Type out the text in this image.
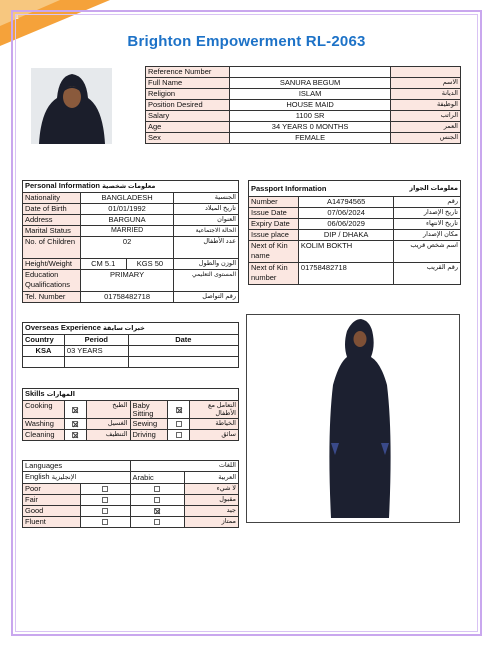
1
Brighton Empowerment RL-2063
Reference Number		
Full Name	SANURA BEGUM	الاسم
Religion	ISLAM	الديانة
Position Desired	HOUSE MAID	الوظيفة
Salary	1100 SR	الراتب
Age	34 YEARS 0 MONTHS	العمر
Sex	FEMALE	الجنس
Personal Information معلومات شخصية			
Nationality	BANGLADESH		الجنسية
Date of Birth	01/01/1992		تاريخ الميلاد
Address	BARGUNA		العنوان
Marital Status	MARRIED		الحالة الاجتماعية
No. of Children	02		عدد الأطفال
Height/Weight	CM 5.1	KGS 50	الوزن والطول
Education Qualifications	PRIMARY		المستوى التعليمي
Tel. Number	01758482718		رقم التواصل
Passport Information معلومات الجواز		

Number	A14794565	رقم
Issue Date	07/06/2024	تاريخ الإصدار
Expiry Date	06/06/2029	تاريخ الانتهاء
Issue place	DIP / DHAKA	مكان الإصدار
Next of Kin name	KOLIM BOKTH	اسم شخص قريب
Next of Kin number	01758482718	رقم القريب
Overseas Experience خبرات سابقة		
Country	Period	Date
KSA	03 YEARS	

Skills المهارات					
Cooking		الطبخ	Baby Sitting		التعامل مع الأطفال
Washing		الغسيل	Sewing		الخياطة
Cleaning		التنظيف	Driving		سائق
Languages		اللغات	
English الإنجليزية		Arabic	العربية
Poor			لا شيء
Fair			مقبول
Good			جيد
Fluent			ممتاز
